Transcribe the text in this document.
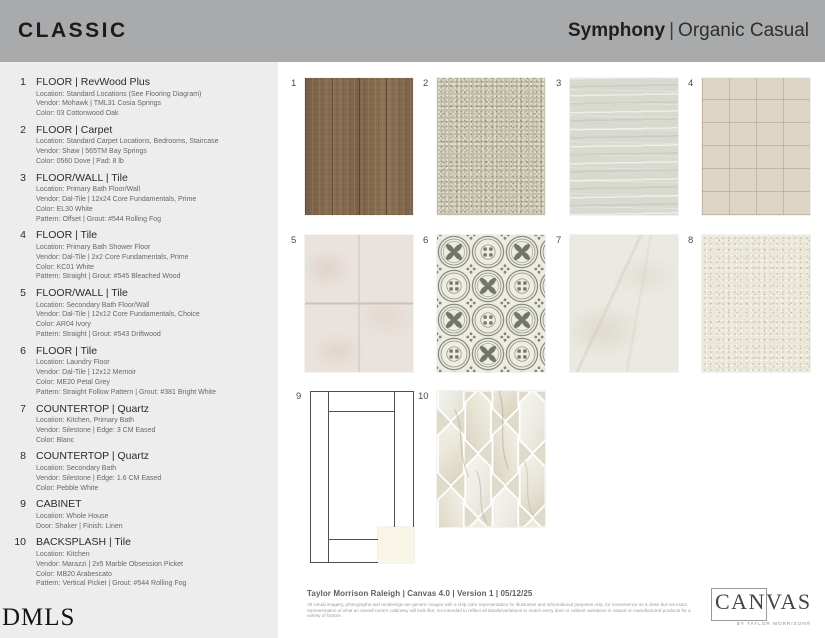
CLASSIC	Symphony | Organic Casual
1 FLOOR | RevWood Plus
Location: Standard Locations (See Flooring Diagram)
Vendor: Mohawk | TML31 Cosia Springs
Color: 03 Cottonwood Oak
2 FLOOR | Carpet
Location: Standard Carpet Locations, Bedrooms, Staircase
Vendor: Shaw | 565TM Bay Springs
Color: 0560 Dove | Pad: 8 lb
3 FLOOR/WALL | Tile
Location: Primary Bath Floor/Wall
Vendor: Dal-Tile | 12x24 Core Fundamentals, Prime
Color: EL30 White
Pattern: Offset | Grout: #544 Rolling Fog
4 FLOOR | Tile
Location: Primary Bath Shower Floor
Vendor: Dal-Tile | 2x2 Core Fundamentals, Prime
Color: KC01 White
Pattern: Straight | Grout: #545 Bleached Wood
5 FLOOR/WALL | Tile
Location: Secondary Bath Floor/Wall
Vendor: Dal-Tile | 12x12 Core Fundamentals, Choice
Color: AR04 Ivory
Pattern: Straight | Grout: #543 Driftwood
6 FLOOR | Tile
Location: Laundry Floor
Vendor: Dal-Tile | 12x12 Memoir
Color: ME20 Petal Grey
Pattern: Straight Follow Pattern | Grout: #381 Bright White
7 COUNTERTOP | Quartz
Location: Kitchen, Primary Bath
Vendor: Silestone | Edge: 3 CM Eased
Color: Blanc
8 COUNTERTOP | Quartz
Location: Secondary Bath
Vendor: Silestone | Edge: 1.6 CM Eased
Color: Pebble White
9 CABINET
Location: Whole House
Door: Shaker | Finish: Linen
10 BACKSPLASH | Tile
Location: Kitchen
Vendor: Marazzi | 2x5 Marble Obsession Picket
Color: MB20 Arabescato
Pattern: Vertical Picket | Grout: #544 Rolling Fog
DMLS
1	2	3	4
5	6	7	8
9	10
Taylor Morrison Raleigh | Canvas 4.0 | Version 1 | 05/12/25
All virtual imagery, photographs and renderings are generic images with a chip color representation for illustrative and informational purposes only, for convenience as a close but not exact representation of what an overall room's cabinetry will look like; not intended to reflect all details/variations to match every door or cabinet variations in natural or manufactured products for a variety of factors.
CANVAS
BY TAYLOR MORRISON®
